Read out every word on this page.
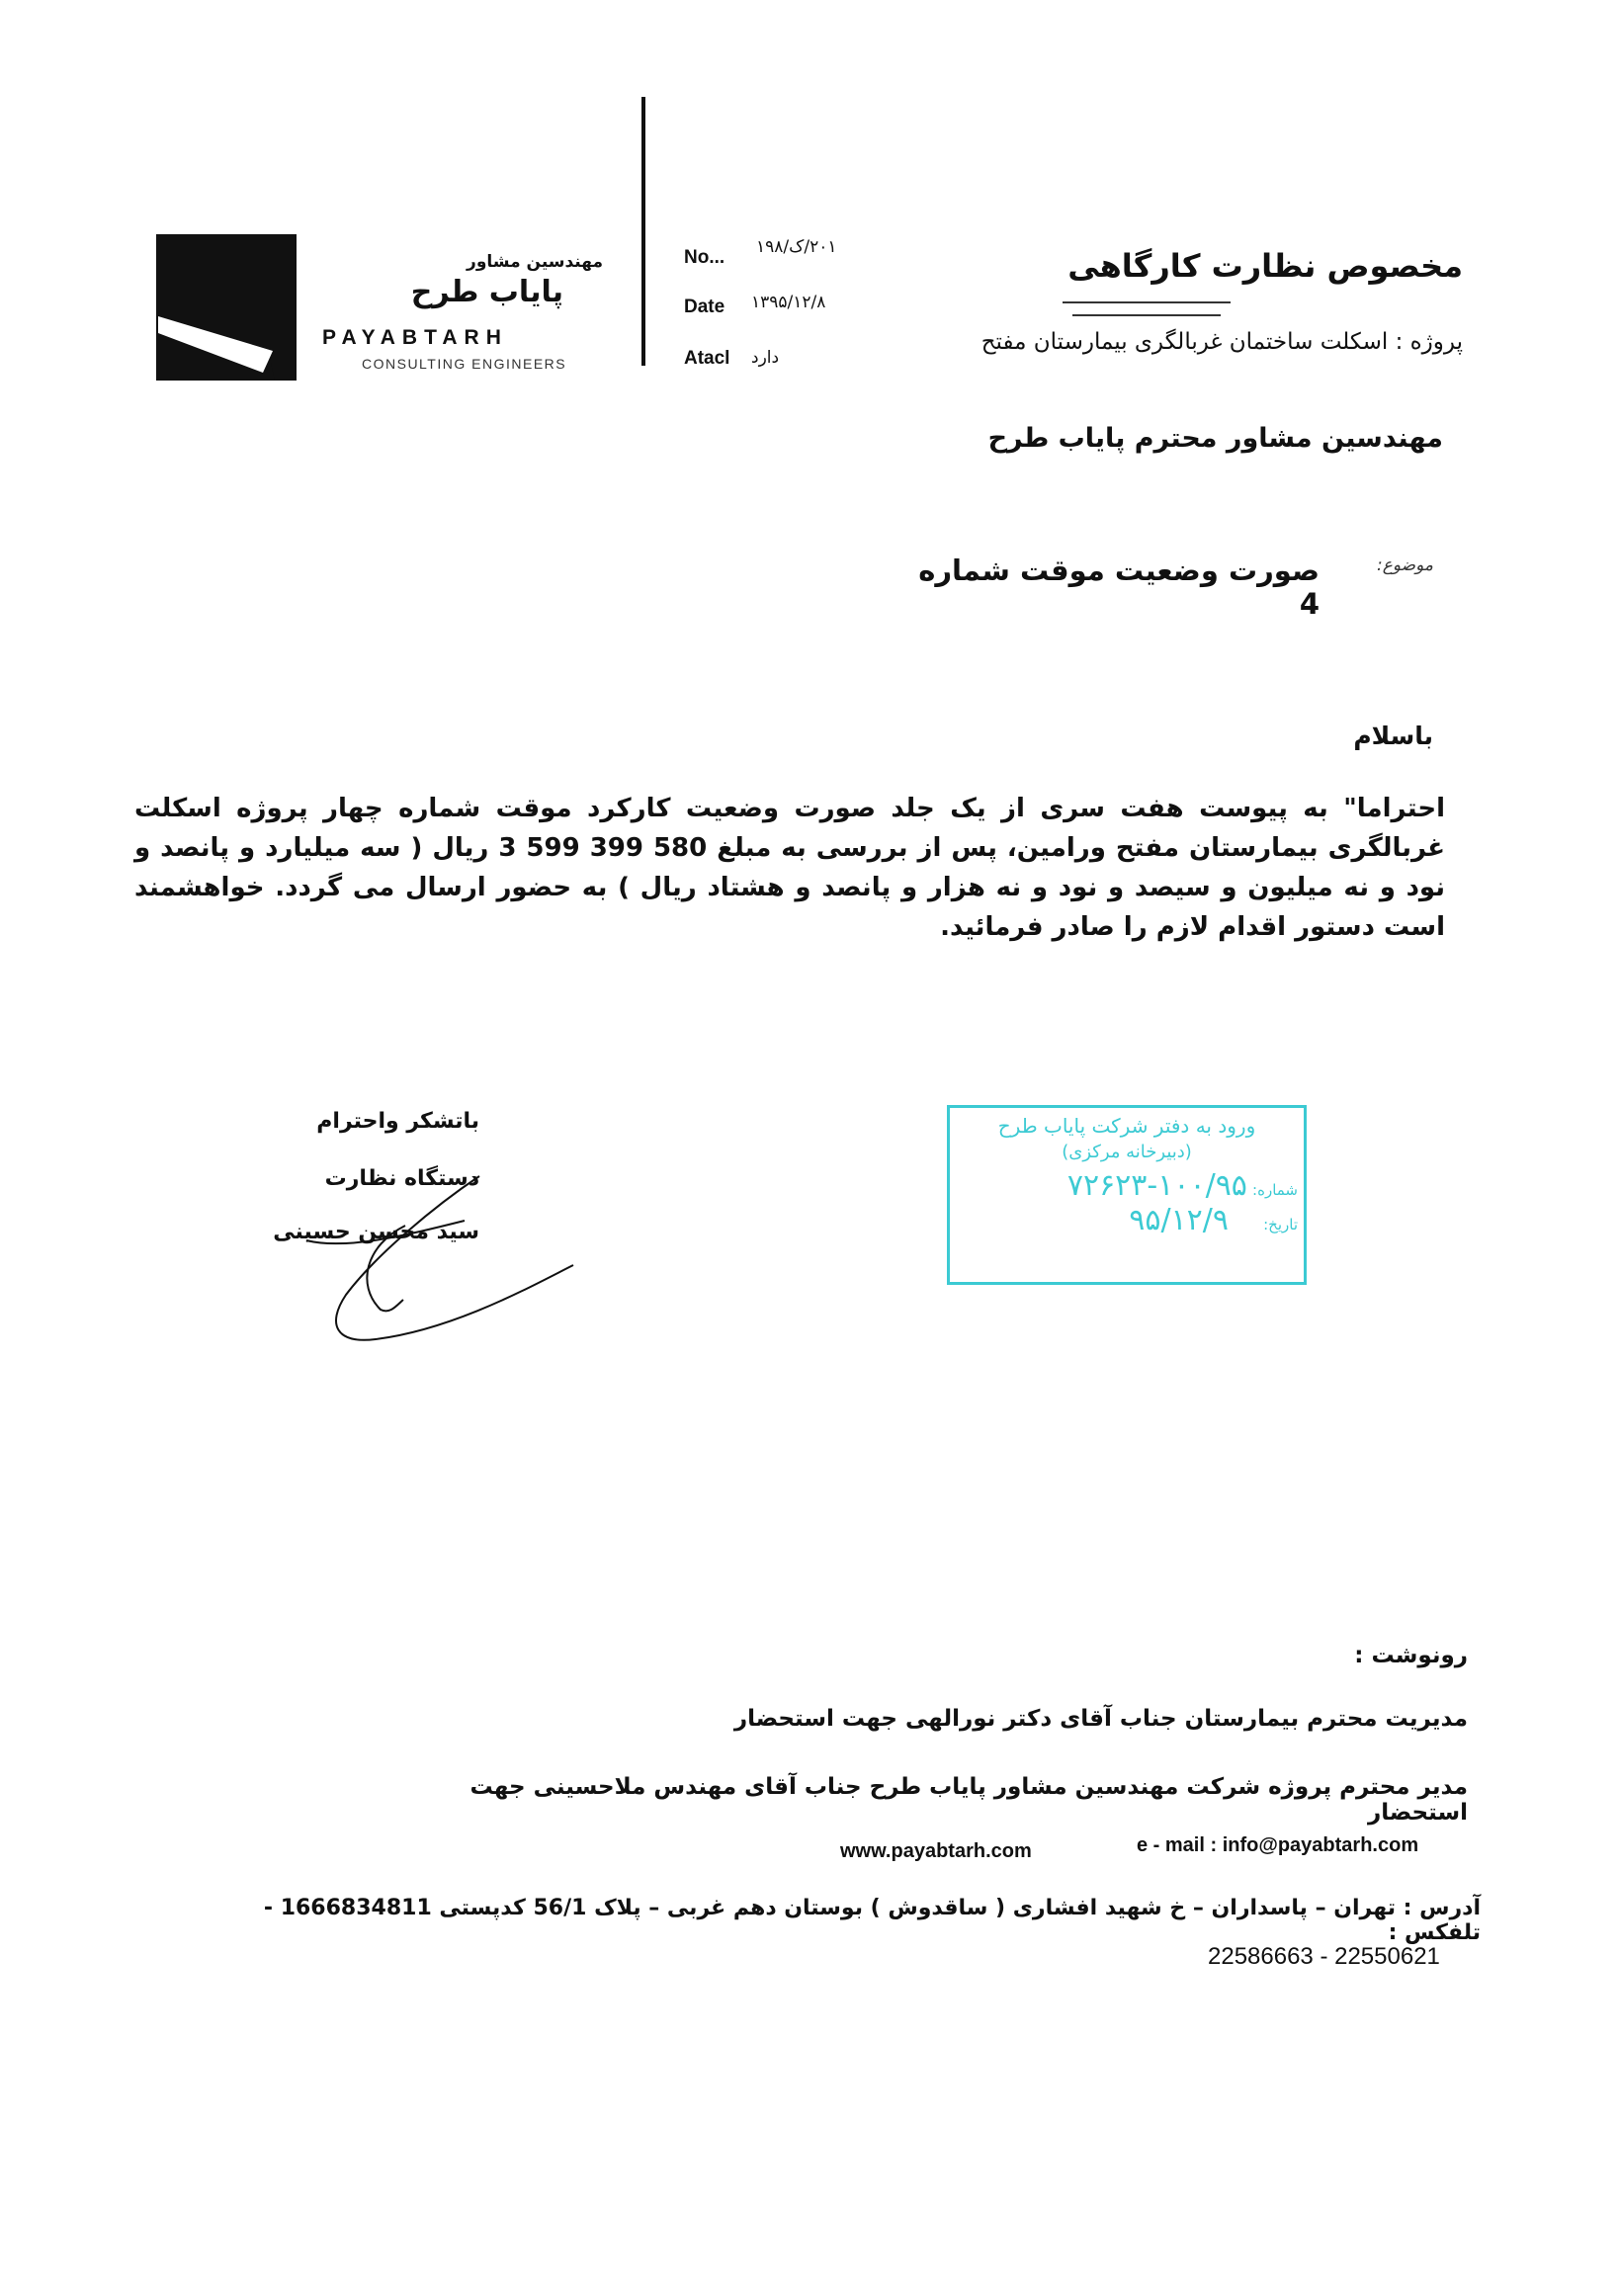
مهندسین مشاور
پایاب طرح
PAYABTARH
CONSULTING ENGINEERS
No... ۲۰۱/ک/۱۹۸
Date ۱۳۹۵/۱۲/۸
Atacl دارد
مخصوص نظارت کارگاهی
پروژه : اسکلت ساختمان غربالگری بیمارستان مفتح
مهندسین مشاور محترم پایاب طرح
موضوع:
صورت وضعیت موقت شماره 4
باسلام
احتراما" به پیوست هفت سری از یک جلد صورت وضعیت کارکرد موقت شماره چهار پروژه اسکلت غربالگری بیمارستان مفتح ورامین، پس از بررسی به مبلغ 580 399 599 3 ریال ( سه میلیارد و پانصد و نود و نه میلیون و سیصد و نود و نه هزار و پانصد و هشتاد ریال ) به حضور ارسال می گردد. خواهشمند است دستور اقدام لازم را صادر فرمائید.
باتشکر واحترام
دستگاه نظارت
سید محسن حسینی
ورود به دفتر شرکت پایاب طرح
(دبیرخانه مرکزی)
شماره: ۱۰۰/۹۵-۷۲۶۲۳
تاریخ: ۹۵/۱۲/۹
رونوشت :
مدیریت محترم بیمارستان جناب آقای دکتر نورالهی جهت استحضار
مدیر محترم پروژه شرکت مهندسین مشاور پایاب طرح جناب آقای مهندس ملاحسینی جهت استحضار
www.payabtarh.com	e - mail : info@payabtarh.com
آدرس : تهران – پاسداران – خ شهید افشاری ( ساقدوش ) بوستان دهم غربی – پلاک 56/1 کدپستی 1666834811 - تلفکس :
22586663 - 22550621
